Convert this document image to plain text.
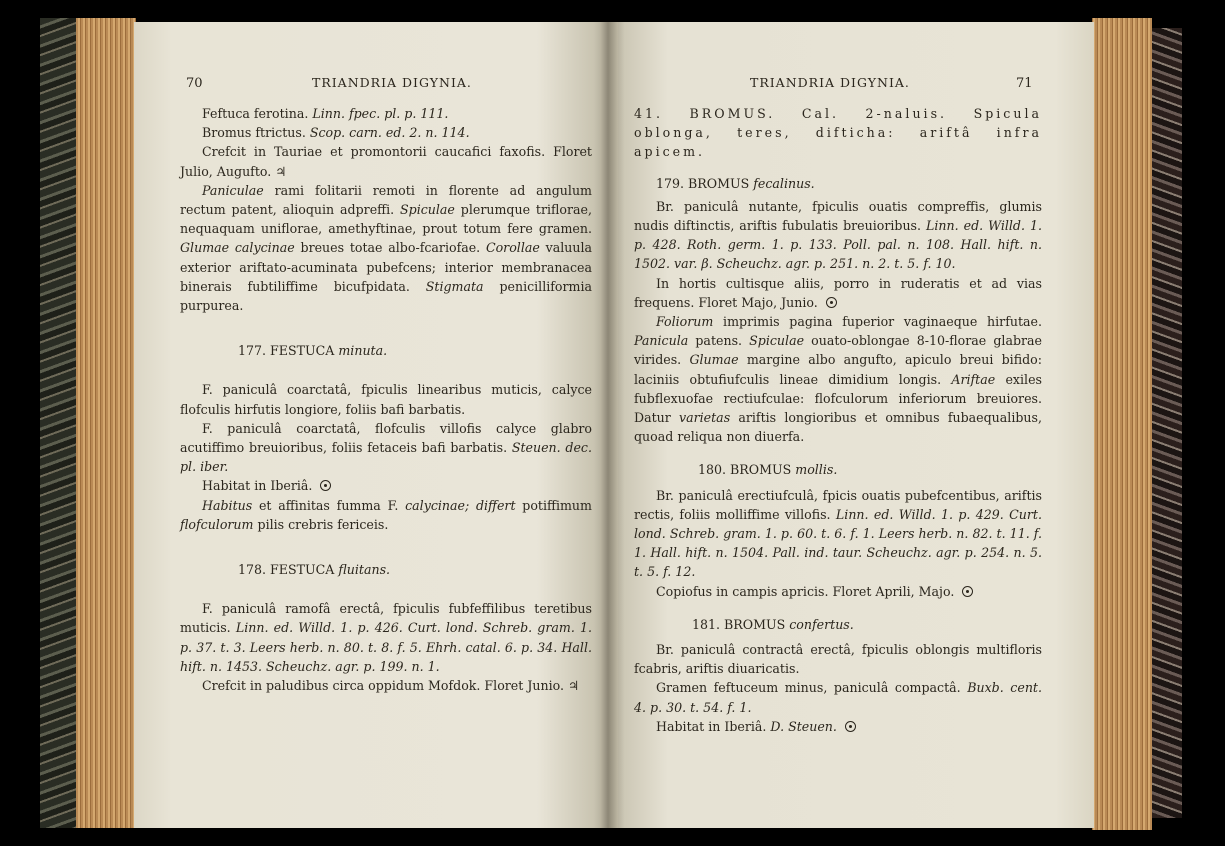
70	TRIANDRIA DIGYNIA.

Feftuca ferotina. Linn. fpec. pl. p. 111.

Bromus ftrictus. Scop. carn. ed. 2. n. 114.

Crefcit in Tauriae et promontorii caucafici faxofis. Floret Julio, Augufto. ♃

Paniculae rami folitarii remoti in florente ad angulum rectum patent, alioquin adpreffi. Spiculae plerumque triflorae, nequaquam uniflorae, amethyftinae, prout totum fere gramen. Glumae calycinae breues totae albo-fcariofae. Corollae valuula exterior ariftato-acuminata pubefcens; interior membranacea binerais fubtiliffime bicufpidata. Stigmata penicilliformia purpurea.

177. FESTUCA minuta.

F. paniculâ coarctatâ, fpiculis linearibus muticis, calyce flofculis hirfutis longiore, foliis bafi barbatis.

F. paniculâ coarctatâ, flofculis villofis calyce glabro acutiffimo breuioribus, foliis fetaceis bafi barbatis. Steuen. dec. pl. iber.

Habitat in Iberiâ.

Habitus et affinitas fumma F. calycinae; differt potiffimum flofculorum pilis crebris fericeis.

178. FESTUCA fluitans.

F. paniculâ ramofâ erectâ, fpiculis fubfeffilibus teretibus muticis. Linn. ed. Willd. 1. p. 426. Curt. lond. Schreb. gram. 1. p. 37. t. 3. Leers herb. n. 80. t. 8. f. 5. Ehrh. catal. 6. p. 34. Hall. hift. n. 1453. Scheuchz. agr. p. 199. n. 1.

Crefcit in paludibus circa oppidum Mofdok. Floret Junio. ♃

TRIANDRIA DIGYNIA.	71

41. BROMUS. Cal. 2-naluis. Spicula oblonga, teres, difticha: ariftâ infra apicem.

179. BROMUS fecalinus.

Br. paniculâ nutante, fpiculis ouatis compreffis, glumis nudis diftinctis, ariftis fubulatis breuioribus. Linn. ed. Willd. 1. p. 428. Roth. germ. 1. p. 133. Poll. pal. n. 108. Hall. hift. n. 1502. var. β. Scheuchz. agr. p. 251. n. 2. t. 5. f. 10.

In hortis cultisque aliis, porro in ruderatis et ad vias frequens. Floret Majo, Junio.

Foliorum imprimis pagina fuperior vaginaeque hirfutae. Panicula patens. Spiculae ouato-oblongae 8-10-florae glabrae virides. Glumae margine albo angufto, apiculo breui bifido: laciniis obtufiufculis lineae dimidium longis. Ariftae exiles fubflexuofae rectiufculae: flofculorum inferiorum breuiores. Datur varietas ariftis longioribus et omnibus fubaequalibus, quoad reliqua non diuerfa.

180. BROMUS mollis.

Br. paniculâ erectiufculâ, fpicis ouatis pubefcentibus, ariftis rectis, foliis molliffime villofis. Linn. ed. Willd. 1. p. 429. Curt. lond. Schreb. gram. 1. p. 60. t. 6. f. 1. Leers herb. n. 82. t. 11. f. 1. Hall. hift. n. 1504. Pall. ind. taur. Scheuchz. agr. p. 254. n. 5. t. 5. f. 12.

Copiofus in campis apricis. Floret Aprili, Majo.

181. BROMUS confertus.

Br. paniculâ contractâ erectâ, fpiculis oblongis multifloris fcabris, ariftis diuaricatis.

Gramen feftuceum minus, paniculâ compactâ. Buxb. cent. 4. p. 30. t. 54. f. 1.

Habitat in Iberiâ. D. Steuen.
